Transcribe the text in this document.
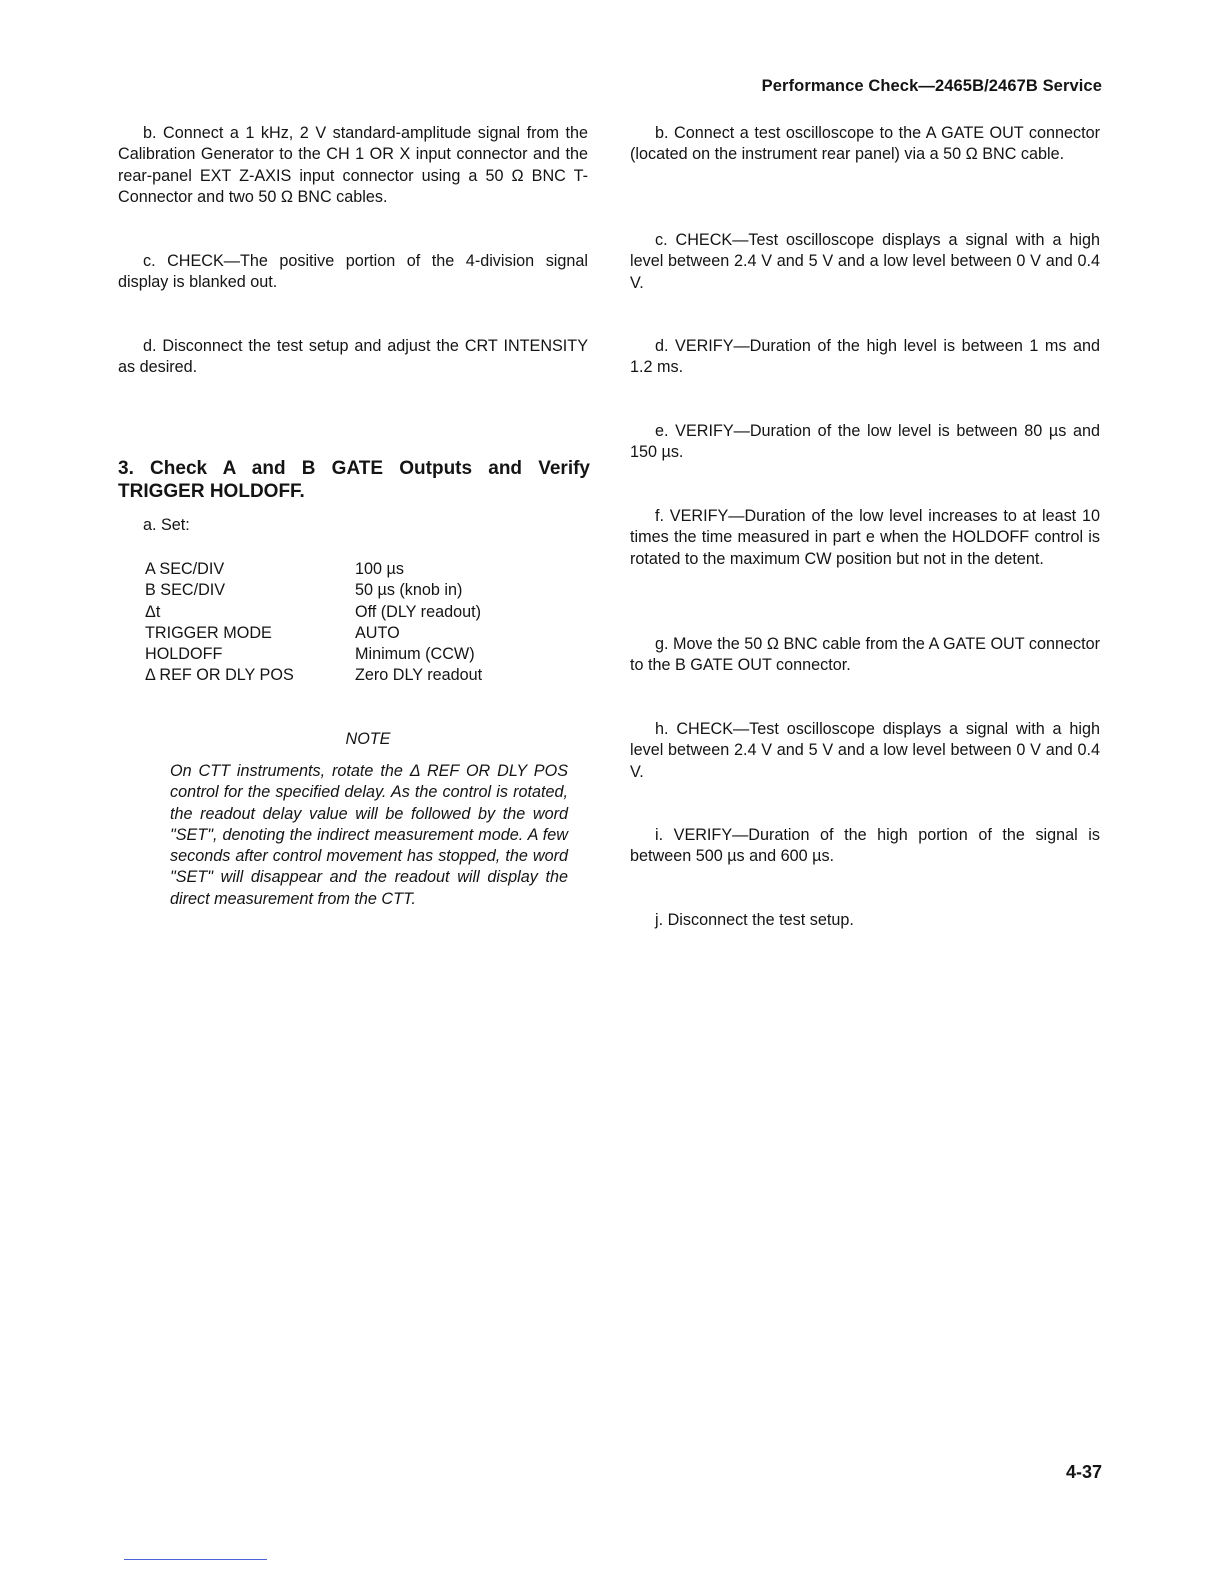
Performance Check—2465B/2467B Service

b. Connect a 1 kHz, 2 V standard-amplitude signal from the Calibration Generator to the CH 1 OR X input connector and the rear-panel EXT Z-AXIS input connector using a 50 Ω BNC T-Connector and two 50 Ω BNC cables.

c. CHECK—The positive portion of the 4-division signal display is blanked out.

d. Disconnect the test setup and adjust the CRT INTENSITY as desired.

3. Check A and B GATE Outputs and Verify TRIGGER HOLDOFF.

a. Set:

A SEC/DIV	100 µs
B SEC/DIV	50 µs (knob in)
Δt	Off (DLY readout)
TRIGGER MODE	AUTO
HOLDOFF	Minimum (CCW)
Δ REF OR DLY POS	Zero DLY readout
NOTE

On CTT instruments, rotate the Δ REF OR DLY POS control for the specified delay. As the control is rotated, the readout delay value will be followed by the word "SET", denoting the indirect measurement mode. A few seconds after control movement has stopped, the word "SET" will disappear and the readout will display the direct measurement from the CTT.

b. Connect a test oscilloscope to the A GATE OUT connector (located on the instrument rear panel) via a 50 Ω BNC cable.

c. CHECK—Test oscilloscope displays a signal with a high level between 2.4 V and 5 V and a low level between 0 V and 0.4 V.

d. VERIFY—Duration of the high level is between 1 ms and 1.2 ms.

e. VERIFY—Duration of the low level is between 80 µs and 150 µs.

f. VERIFY—Duration of the low level increases to at least 10 times the time measured in part e when the HOLDOFF control is rotated to the maximum CW position but not in the detent.

g. Move the 50 Ω BNC cable from the A GATE OUT connector to the B GATE OUT connector.

h. CHECK—Test oscilloscope displays a signal with a high level between 2.4 V and 5 V and a low level between 0 V and 0.4 V.

i. VERIFY—Duration of the high portion of the signal is between 500 µs and 600 µs.

j. Disconnect the test setup.

4-37
